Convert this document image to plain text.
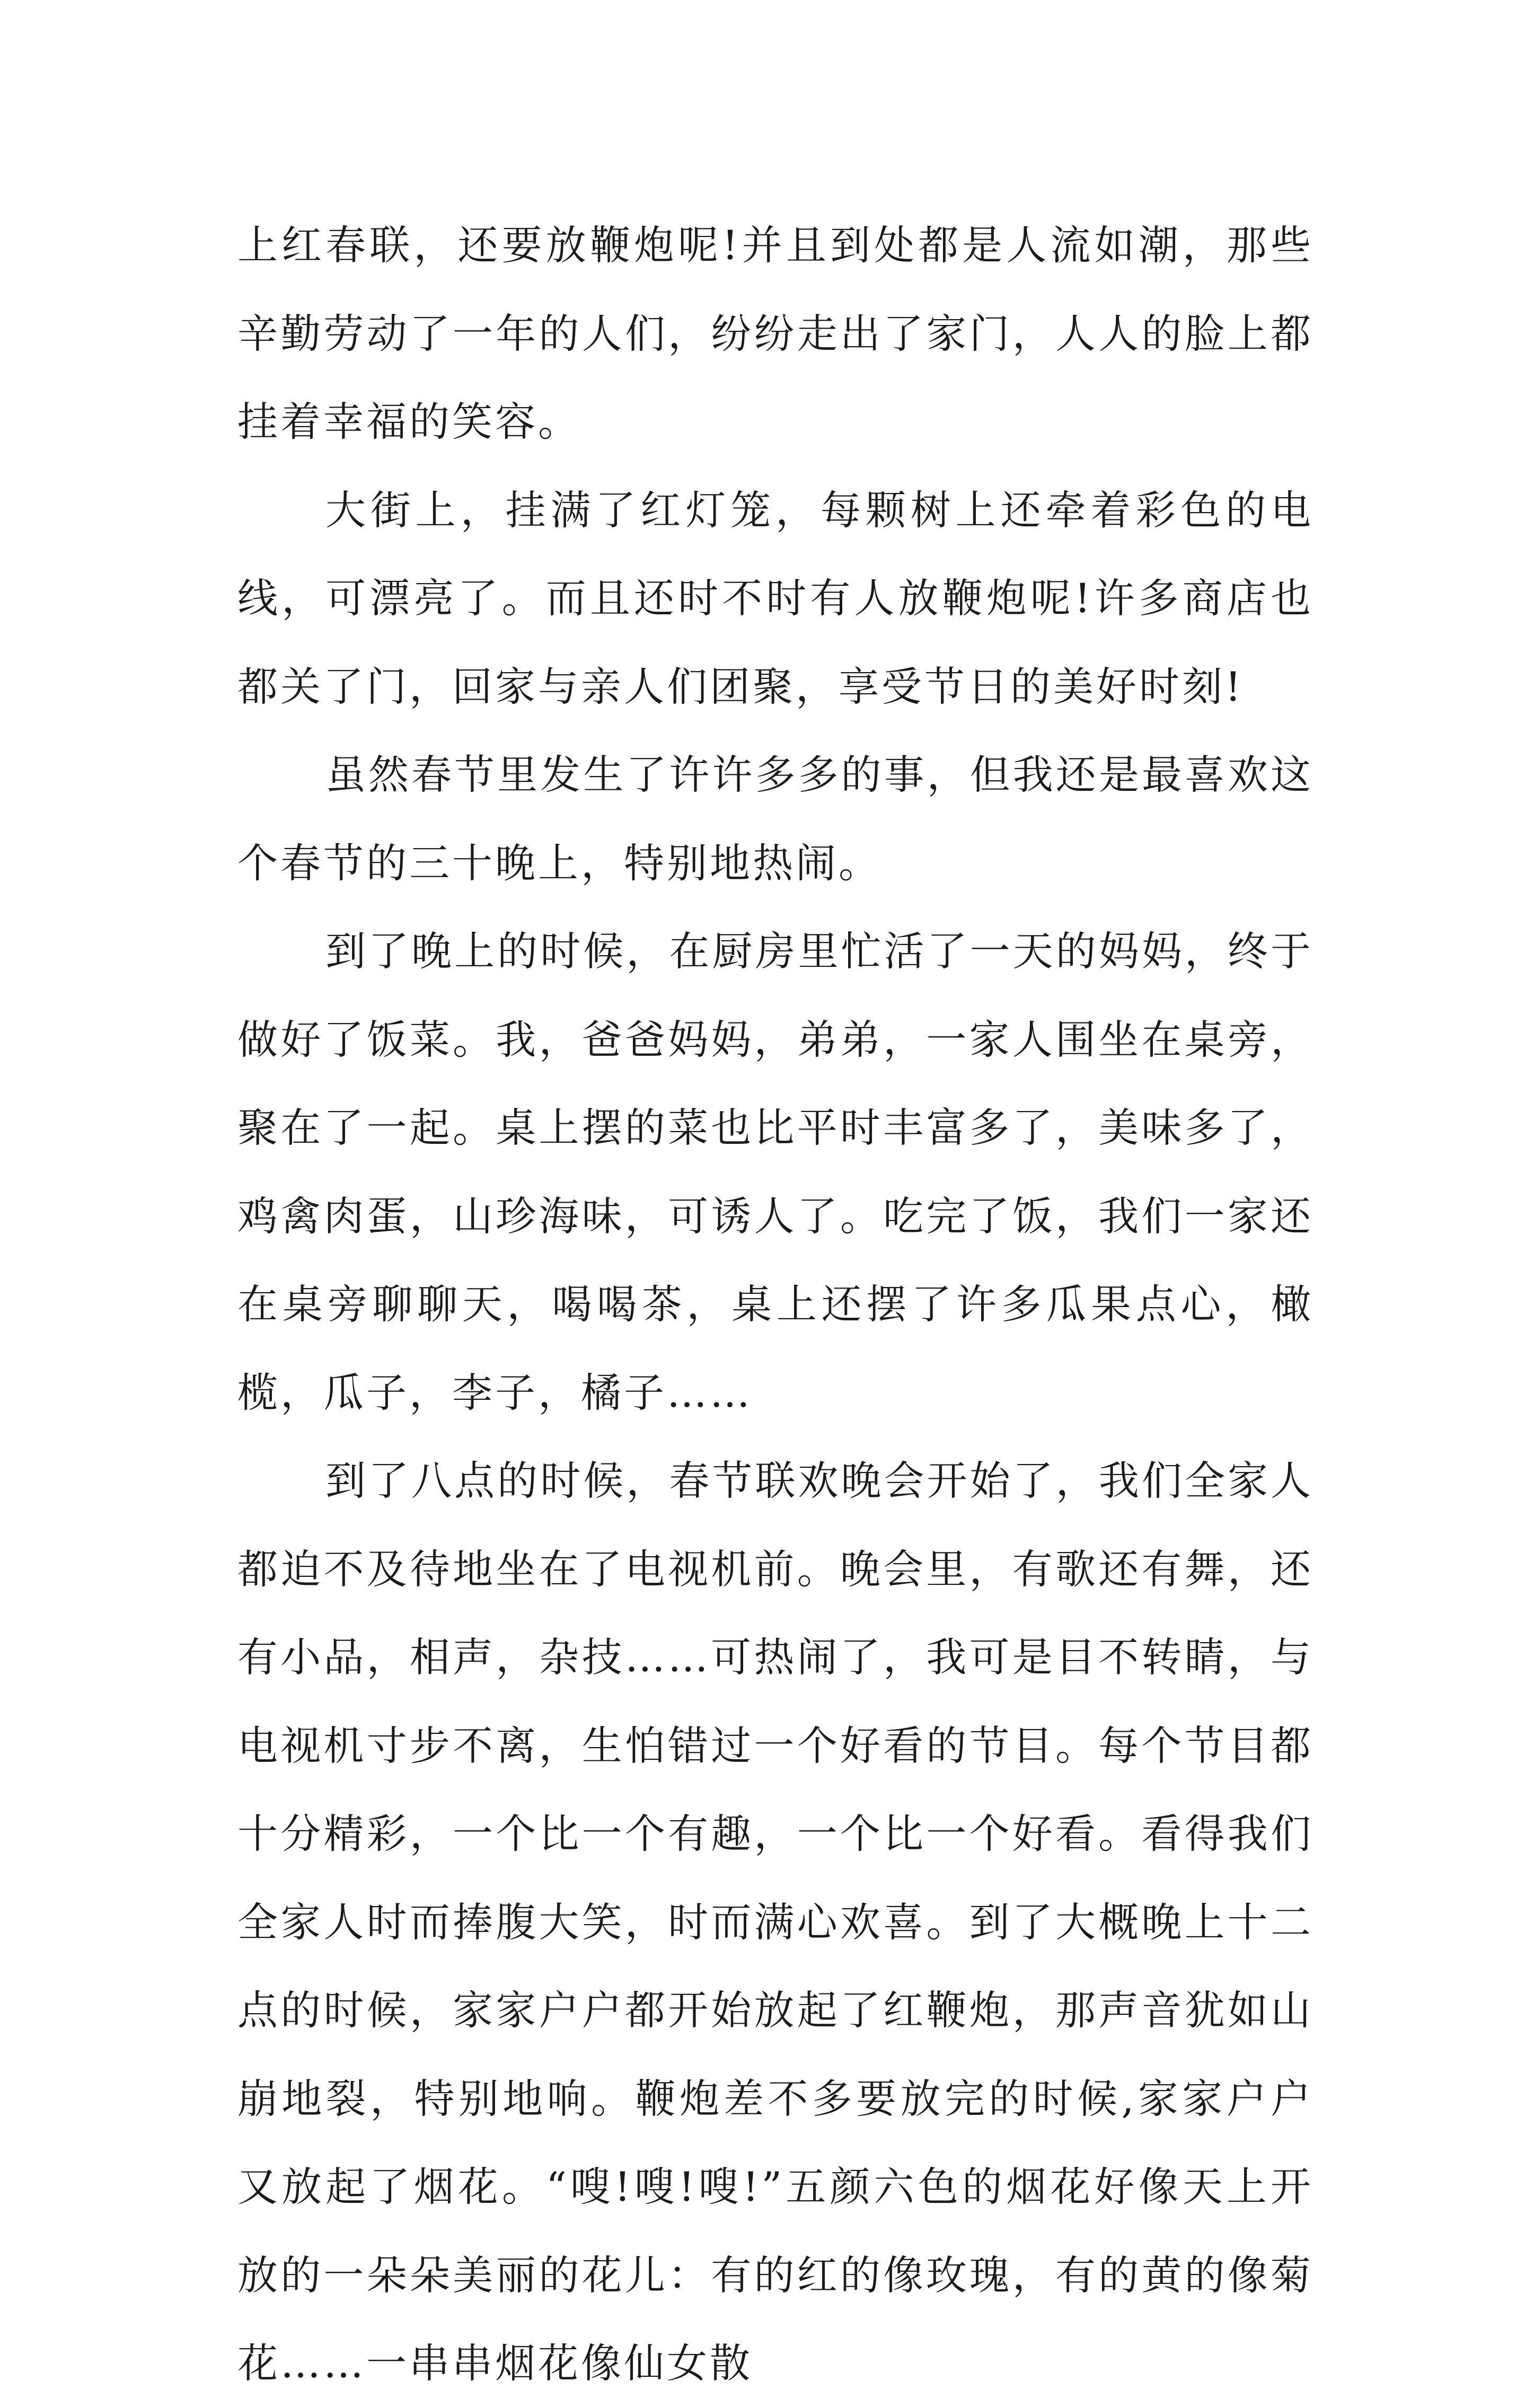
上红春联，还要放鞭炮呢!并且到处都是人流如潮，那些辛勤劳动了一年的人们，纷纷走出了家门，人人的脸上都挂着幸福的笑容。

大街上，挂满了红灯笼，每颗树上还牵着彩色的电线，可漂亮了。而且还时不时有人放鞭炮呢!许多商店也都关了门，回家与亲人们团聚，享受节日的美好时刻!

虽然春节里发生了许许多多的事，但我还是最喜欢这个春节的三十晚上，特别地热闹。

到了晚上的时候，在厨房里忙活了一天的妈妈，终于做好了饭菜。我，爸爸妈妈，弟弟，一家人围坐在桌旁，聚在了一起。桌上摆的菜也比平时丰富多了，美味多了，鸡禽肉蛋，山珍海味，可诱人了。吃完了饭，我们一家还在桌旁聊聊天，喝喝茶，桌上还摆了许多瓜果点心，橄榄，瓜子，李子，橘子……

到了八点的时候，春节联欢晚会开始了，我们全家人都迫不及待地坐在了电视机前。晚会里，有歌还有舞，还有小品，相声，杂技……可热闹了，我可是目不转睛，与电视机寸步不离，生怕错过一个好看的节目。每个节目都十分精彩，一个比一个有趣，一个比一个好看。看得我们全家人时而捧腹大笑，时而满心欢喜。到了大概晚上十二点的时候，家家户户都开始放起了红鞭炮，那声音犹如山崩地裂，特别地响。鞭炮差不多要放完的时候,家家户户又放起了烟花。“嗖!嗖!嗖!”五颜六色的烟花好像天上开放的一朵朵美丽的花儿：有的红的像玫瑰，有的黄的像菊花……一串串烟花像仙女散
